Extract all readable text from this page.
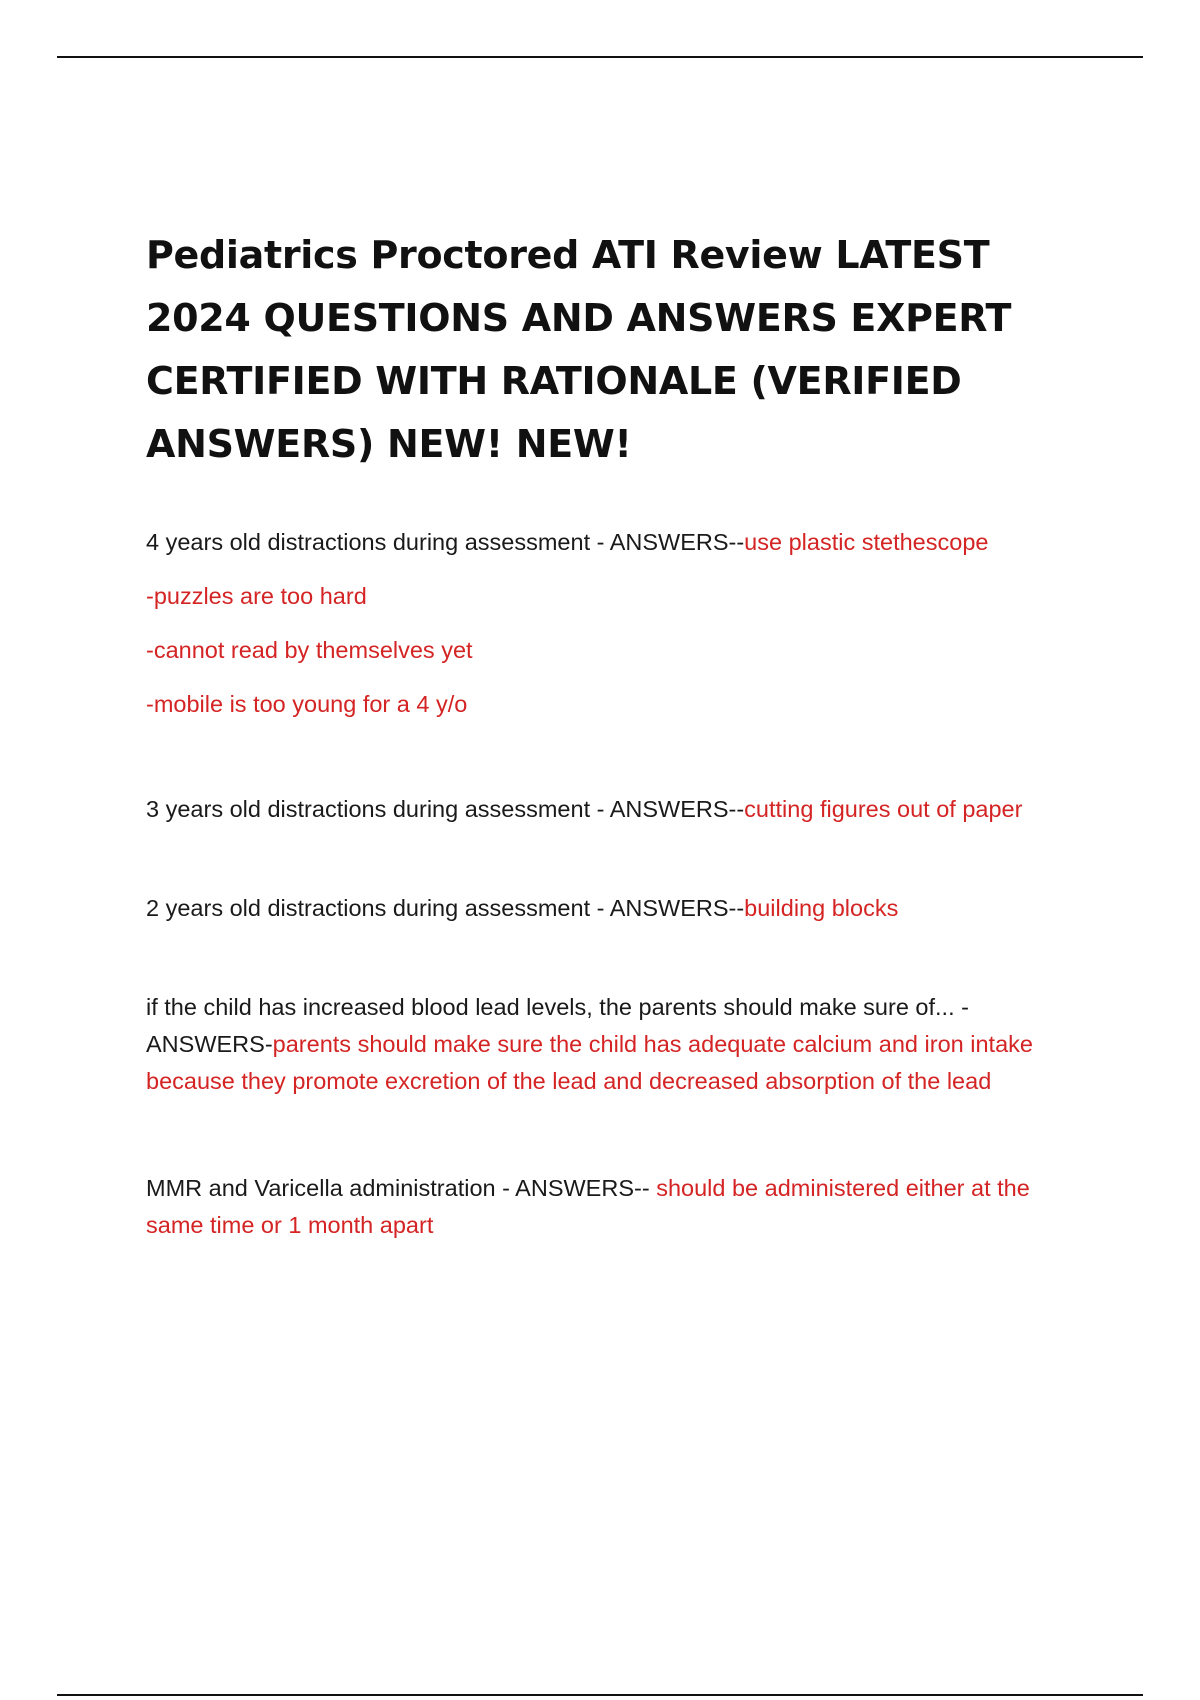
Pediatrics Proctored ATI Review LATEST 2024 QUESTIONS AND ANSWERS EXPERT CERTIFIED WITH RATIONALE (VERIFIED ANSWERS) NEW! NEW!
4 years old distractions during assessment - ANSWERS--use plastic stethescope
-puzzles are too hard
-cannot read by themselves yet
-mobile is too young for a 4 y/o
3 years old distractions during assessment - ANSWERS--cutting figures out of paper
2 years old distractions during assessment - ANSWERS--building blocks
if the child has increased blood lead levels, the parents should make sure of... - ANSWERS-parents should make sure the child has adequate calcium and iron intake because they promote excretion of the lead and decreased absorption of the lead
MMR and Varicella administration - ANSWERS-- should be administered either at the same time or 1 month apart
